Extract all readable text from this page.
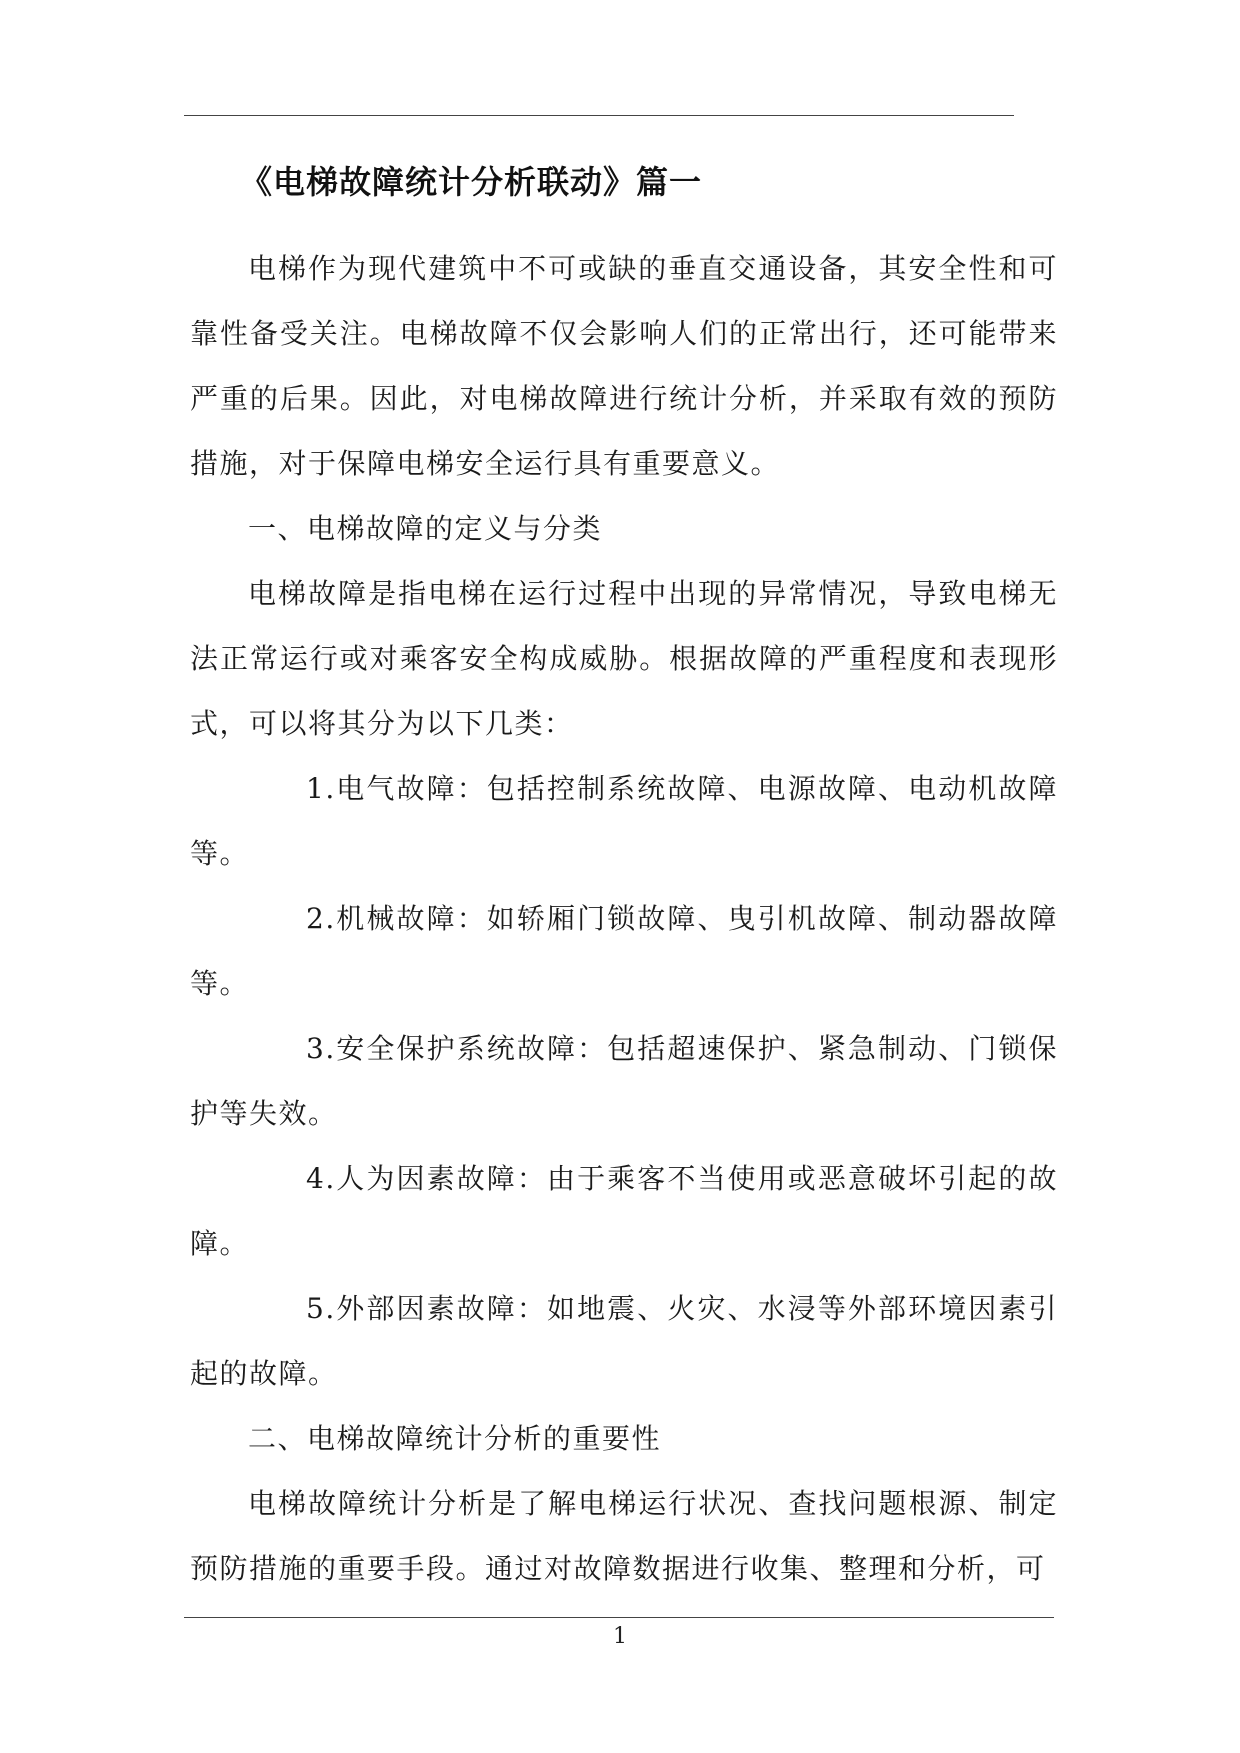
《电梯故障统计分析联动》篇一

电梯作为现代建筑中不可或缺的垂直交通设备，其安全性和可靠性备受关注。电梯故障不仅会影响人们的正常出行，还可能带来严重的后果。因此，对电梯故障进行统计分析，并采取有效的预防措施，对于保障电梯安全运行具有重要意义。

一、电梯故障的定义与分类

电梯故障是指电梯在运行过程中出现的异常情况，导致电梯无法正常运行或对乘客安全构成威胁。根据故障的严重程度和表现形式，可以将其分为以下几类：

1.电气故障：包括控制系统故障、电源故障、电动机故障等。

2.机械故障：如轿厢门锁故障、曳引机故障、制动器故障等。

3.安全保护系统故障：包括超速保护、紧急制动、门锁保护等失效。

4.人为因素故障：由于乘客不当使用或恶意破坏引起的故障。

5.外部因素故障：如地震、火灾、水浸等外部环境因素引起的故障。

二、电梯故障统计分析的重要性

电梯故障统计分析是了解电梯运行状况、查找问题根源、制定预防措施的重要手段。通过对故障数据进行收集、整理和分析，可

1
